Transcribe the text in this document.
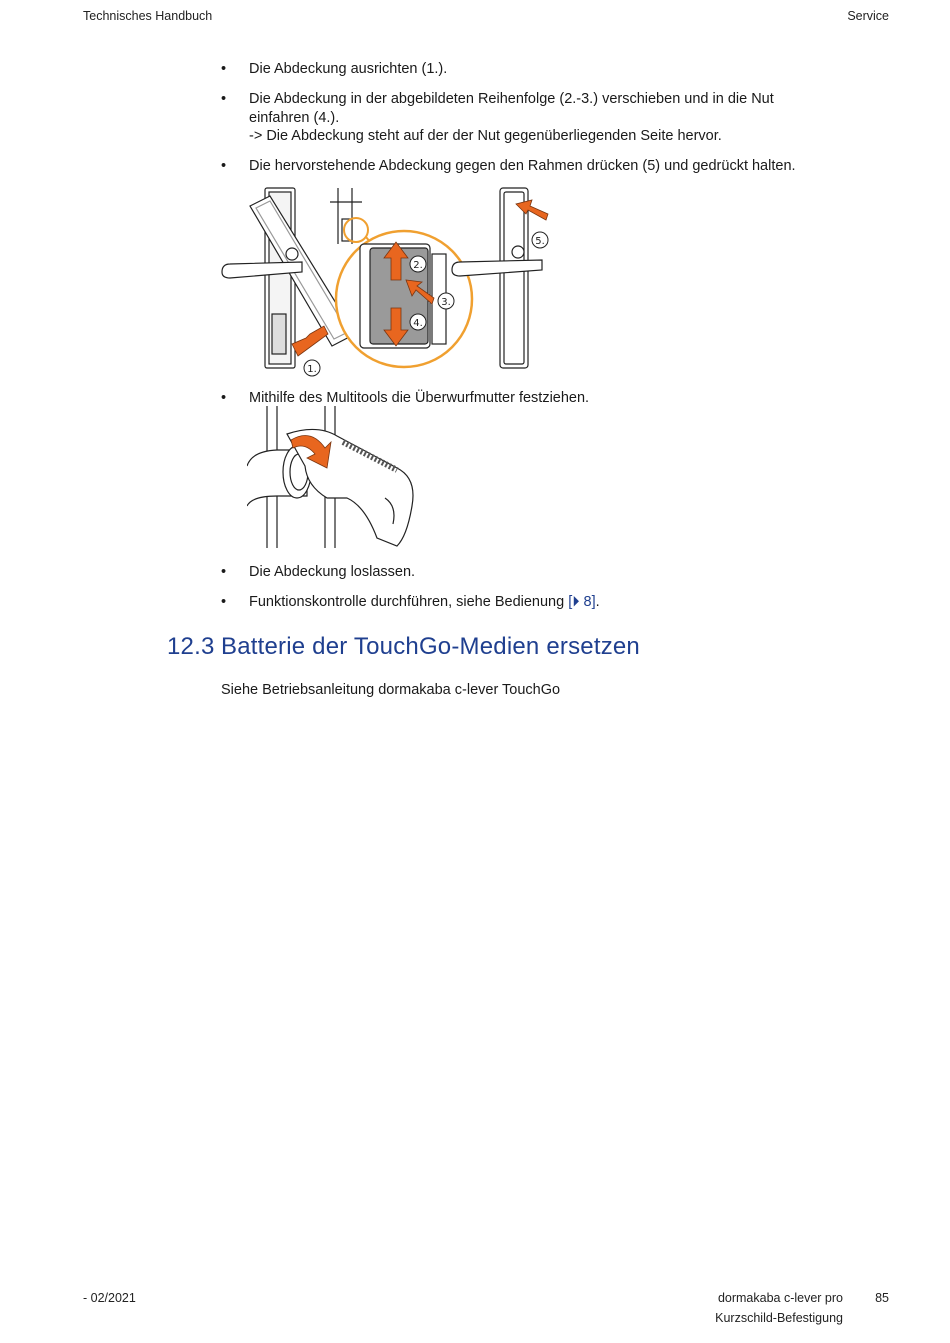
Technisches Handbuch	Service
• Die Abdeckung ausrichten (1.).
• Die Abdeckung in der abgebildeten Reihenfolge (2.-3.) verschieben und in die Nut
einfahren (4.).
-> Die Abdeckung steht auf der der Nut gegenüberliegenden Seite hervor.
• Die hervorstehende Abdeckung gegen den Rahmen drücken (5) und gedrückt halten.
1.
2.
3.
4.
5.
• Mithilfe des Multitools die Überwurfmutter festziehen.
• Die Abdeckung loslassen.
• Funktionskontrolle durchführen, siehe Bedienung [⏵ 8].
12.3 Batterie der TouchGo-Medien ersetzen
Siehe Betriebsanleitung dormakaba c-lever TouchGo
- 02/2021	dormakaba c-lever pro
Kurzschild-Befestigung
85
